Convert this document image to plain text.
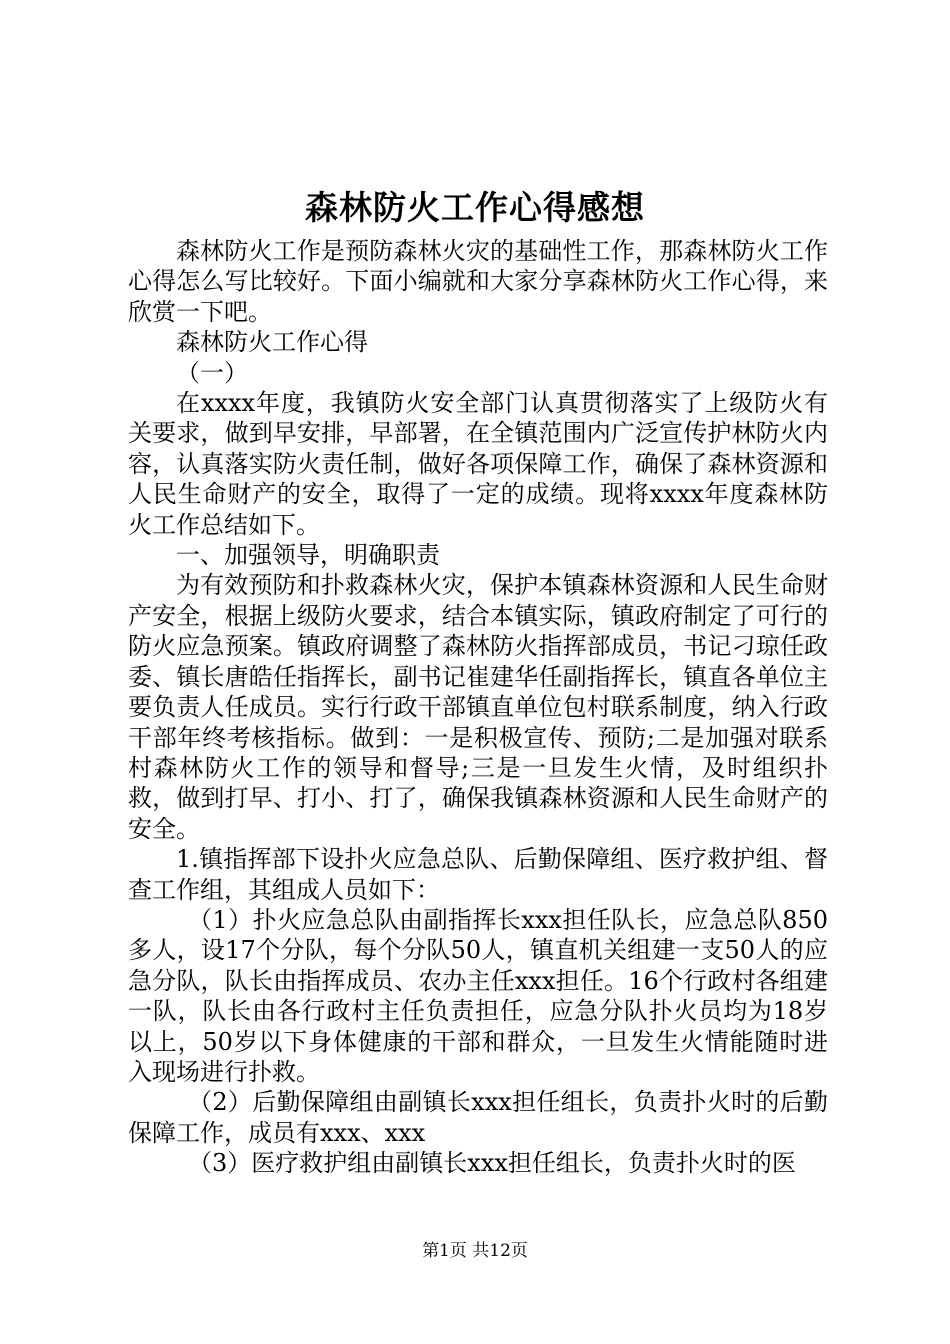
森林防火工作心得感想

森林防火工作是预防森林火灾的基础性工作，那森林防火工作心得怎么写比较好。下面小编就和大家分享森林防火工作心得，来欣赏一下吧。

森林防火工作心得

（一）

在xxxx年度，我镇防火安全部门认真贯彻落实了上级防火有关要求，做到早安排，早部署，在全镇范围内广泛宣传护林防火内容，认真落实防火责任制，做好各项保障工作，确保了森林资源和人民生命财产的安全，取得了一定的成绩。现将xxxx年度森林防火工作总结如下。

一、加强领导，明确职责

为有效预防和扑救森林火灾，保护本镇森林资源和人民生命财产安全，根据上级防火要求，结合本镇实际，镇政府制定了可行的防火应急预案。镇政府调整了森林防火指挥部成员，书记刁琼任政委、镇长唐皓任指挥长，副书记崔建华任副指挥长，镇直各单位主要负责人任成员。实行行政干部镇直单位包村联系制度，纳入行政干部年终考核指标。做到：一是积极宣传、预防;二是加强对联系村森林防火工作的领导和督导;三是一旦发生火情，及时组织扑救，做到打早、打小、打了，确保我镇森林资源和人民生命财产的安全。

1.镇指挥部下设扑火应急总队、后勤保障组、医疗救护组、督查工作组，其组成人员如下：

（1）扑火应急总队由副指挥长xxx担任队长，应急总队850多人，设17个分队，每个分队50人，镇直机关组建一支50人的应急分队，队长由指挥成员、农办主任xxx担任。16个行政村各组建一队，队长由各行政村主任负责担任，应急分队扑火员均为18岁以上，50岁以下身体健康的干部和群众，一旦发生火情能随时进入现场进行扑救。

（2）后勤保障组由副镇长xxx担任组长，负责扑火时的后勤保障工作，成员有xxx、xxx

（3）医疗救护组由副镇长xxx担任组长，负责扑火时的医

第1页 共12页
